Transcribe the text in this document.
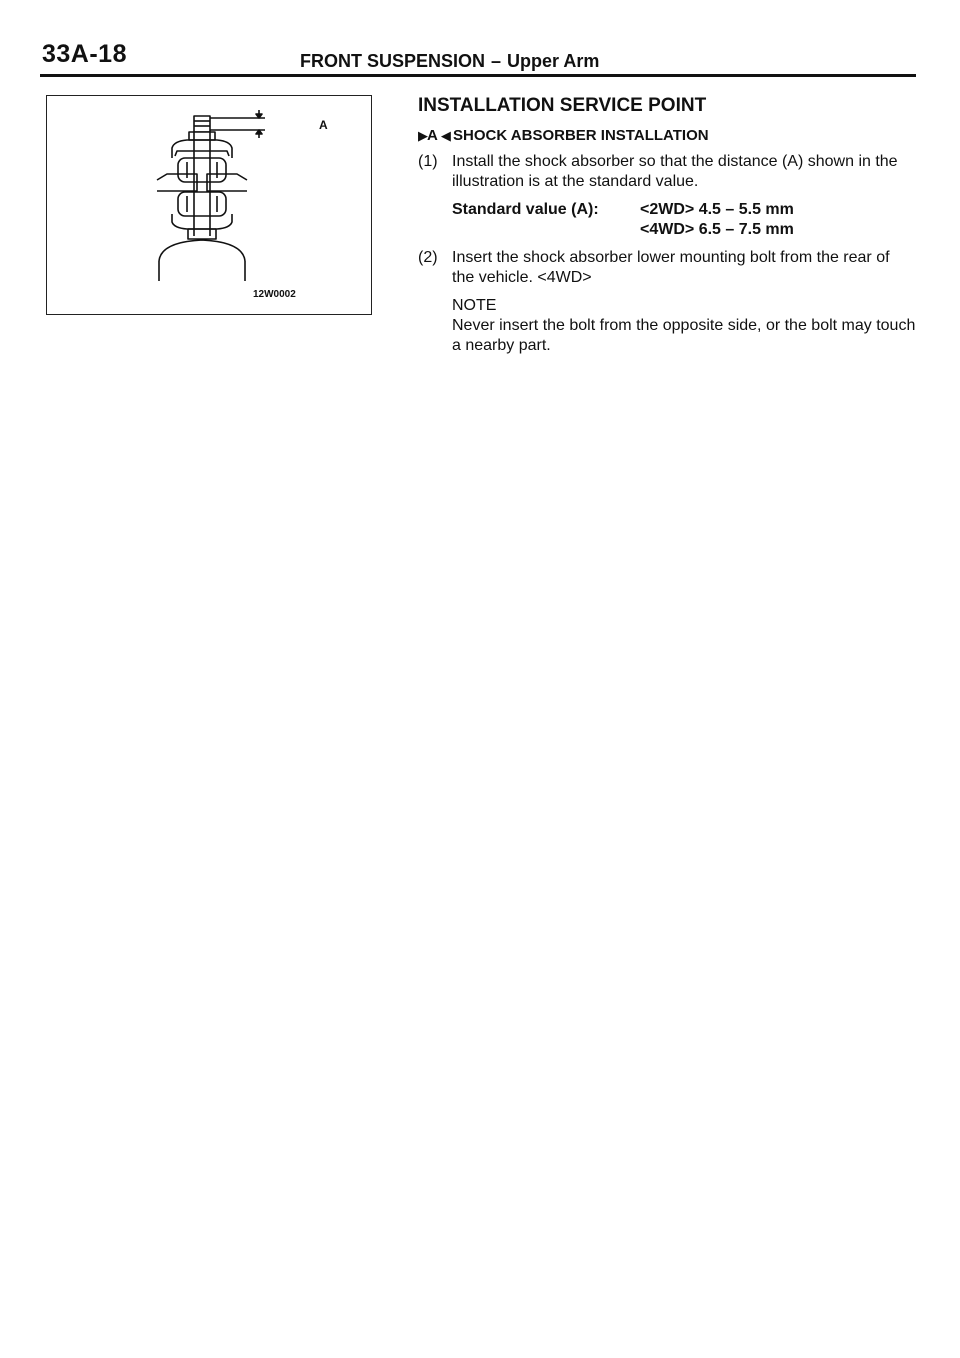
33A-18	FRONT SUSPENSION – Upper Arm
A
12W0002
INSTALLATION SERVICE POINT
▶A ◀ SHOCK ABSORBER INSTALLATION
(1) Install the shock absorber so that the distance (A) shown in the illustration is at the standard value.
Standard value (A):	<2WD> 4.5 – 5.5 mm
<4WD> 6.5 – 7.5 mm
(2) Insert the shock absorber lower mounting bolt from the rear of the vehicle. <4WD>
NOTE
Never insert the bolt from the opposite side, or the bolt may touch a nearby part.
